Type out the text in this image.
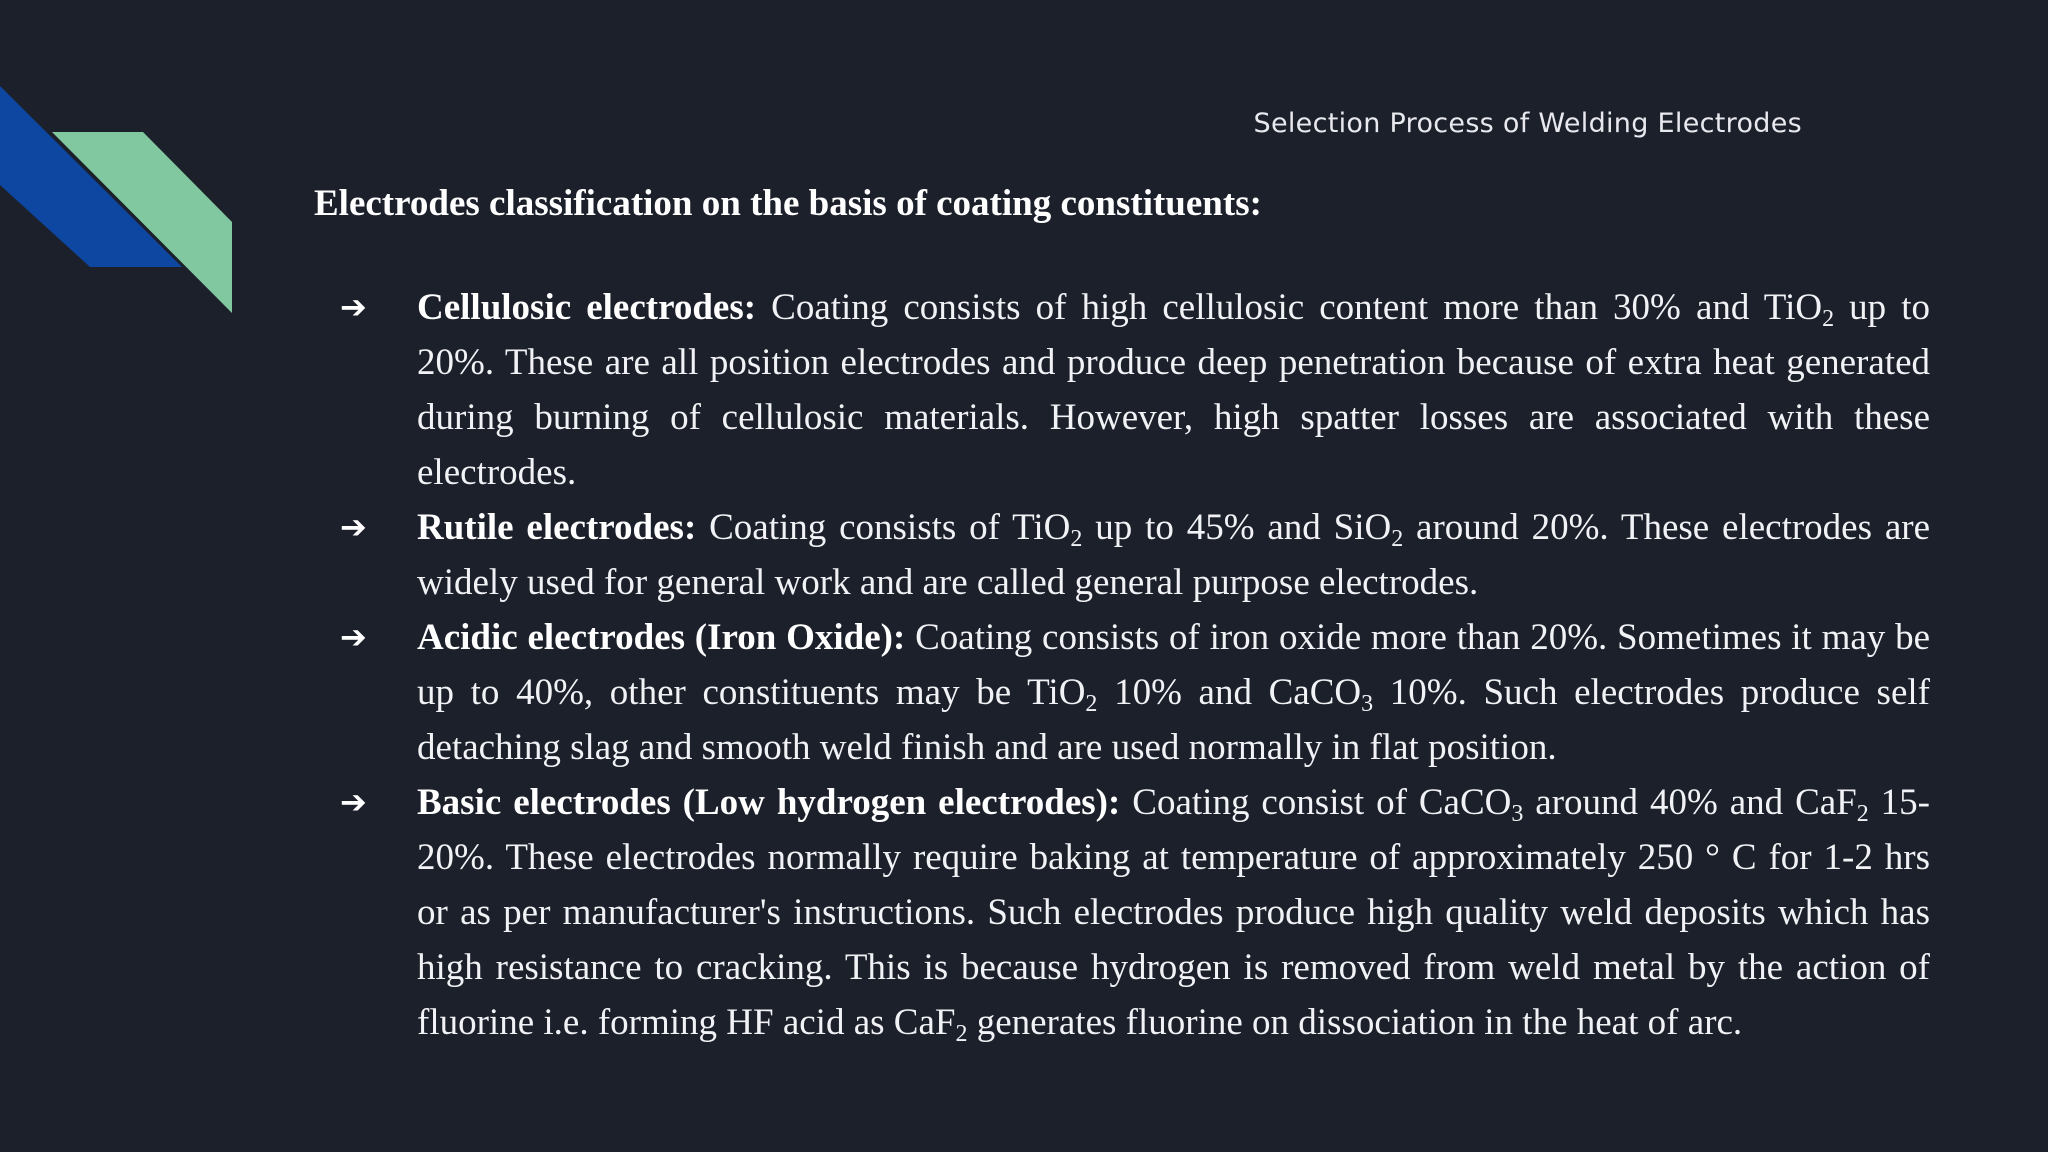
Selection Process of Welding Electrodes
Electrodes classification on the basis of coating constituents:
➔ Cellulosic electrodes: Coating consists of high cellulosic content more than 30% and TiO$_2$ up to 20%. These are all position electrodes and produce deep penetration because of extra heat generated during burning of cellulosic materials. However, high spatter losses are associated with these electrodes.
➔ Rutile electrodes: Coating consists of TiO$_2$ up to 45% and SiO$_2$ around 20%. These electrodes are widely used for general work and are called general purpose electrodes.
➔ Acidic electrodes (Iron Oxide): Coating consists of iron oxide more than 20%. Sometimes it may be up to 40%, other constituents may be TiO$_2$ 10% and CaCO$_3$ 10%. Such electrodes produce self detaching slag and smooth weld finish and are used normally in flat position.
➔ Basic electrodes (Low hydrogen electrodes): Coating consist of CaCO$_3$ around 40% and CaF$_2$ 15-20%. These electrodes normally require baking at temperature of approximately 250 ° C for 1-2 hrs or as per manufacturer's instructions. Such electrodes produce high quality weld deposits which has high resistance to cracking. This is because hydrogen is removed from weld metal by the action of fluorine i.e. forming HF acid as CaF$_2$ generates fluorine on dissociation in the heat of arc.
